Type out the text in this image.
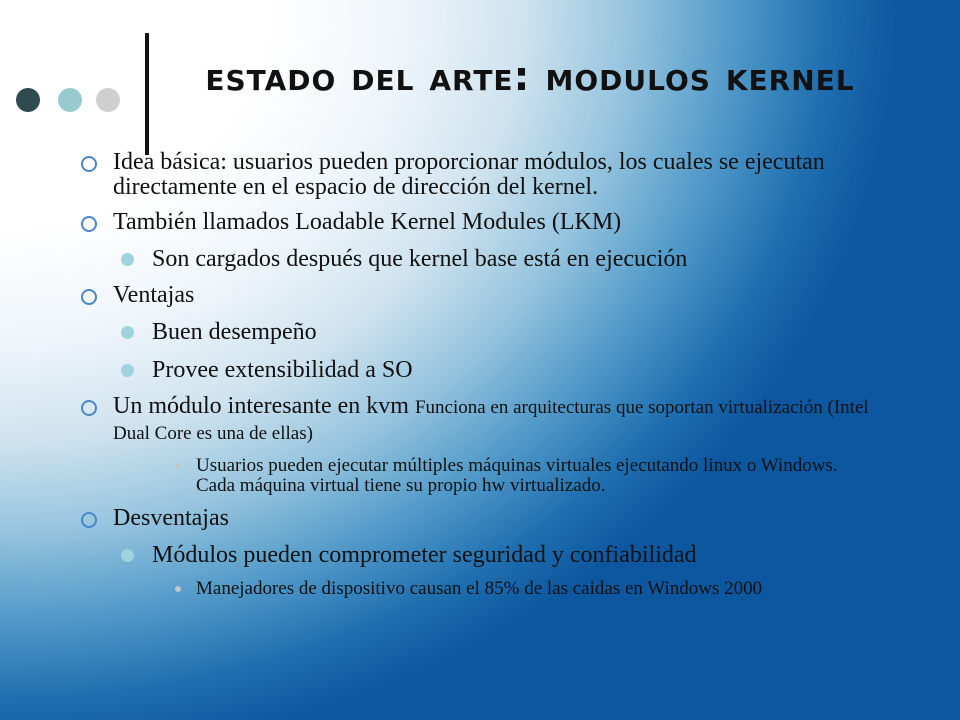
estado del arte: modulos kernel

Idea básica: usuarios pueden proporcionar módulos, los cuales se ejecutan directamente en el espacio de dirección del kernel.

También llamados Loadable Kernel Modules (LKM)

Son cargados después que kernel base está en ejecución

Ventajas

Buen desempeño

Provee extensibilidad a SO

Un módulo interesante en kvm Funciona en arquitecturas que soportan virtualización (Intel Dual Core es una de ellas)

Usuarios pueden ejecutar múltiples máquinas virtuales ejecutando linux o Windows. Cada máquina virtual tiene su propio hw virtualizado.

Desventajas

Módulos pueden comprometer seguridad y confiabilidad

Manejadores de dispositivo causan el 85% de las caidas en Windows 2000
